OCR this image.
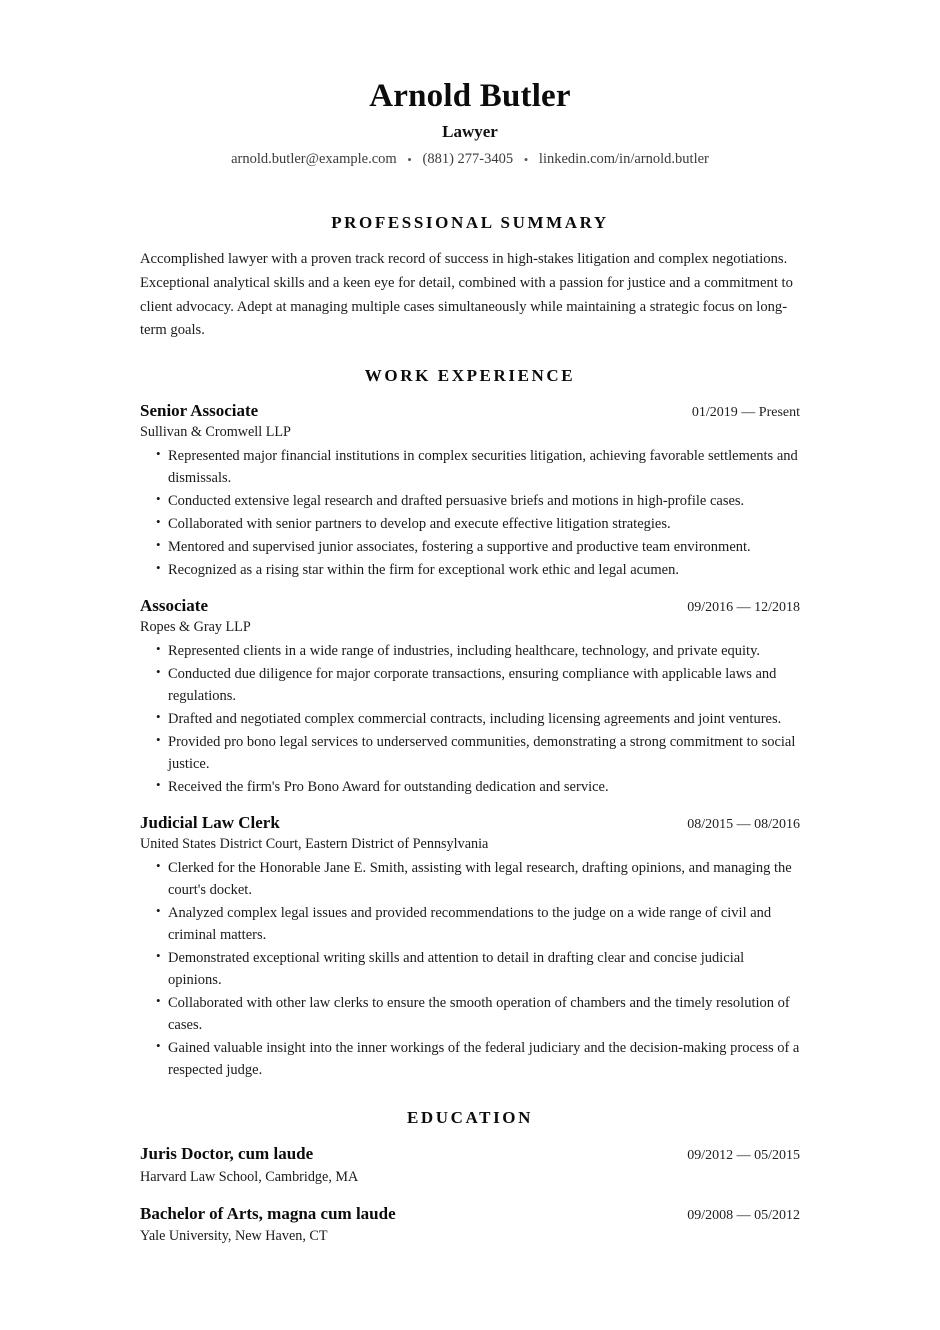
Arnold Butler
Lawyer
arnold.butler@example.com • (881) 277-3405 • linkedin.com/in/arnold.butler
PROFESSIONAL SUMMARY

Accomplished lawyer with a proven track record of success in high-stakes litigation and complex negotiations. Exceptional analytical skills and a keen eye for detail, combined with a passion for justice and a commitment to client advocacy. Adept at managing multiple cases simultaneously while maintaining a strategic focus on long-term goals.

WORK EXPERIENCE
Senior Associate	01/2019 — Present
Sullivan & Cromwell LLP
• Represented major financial institutions in complex securities litigation, achieving favorable settlements and dismissals.
• Conducted extensive legal research and drafted persuasive briefs and motions in high-profile cases.
• Collaborated with senior partners to develop and execute effective litigation strategies.
• Mentored and supervised junior associates, fostering a supportive and productive team environment.
• Recognized as a rising star within the firm for exceptional work ethic and legal acumen.
Associate	09/2016 — 12/2018
Ropes & Gray LLP
• Represented clients in a wide range of industries, including healthcare, technology, and private equity.
• Conducted due diligence for major corporate transactions, ensuring compliance with applicable laws and regulations.
• Drafted and negotiated complex commercial contracts, including licensing agreements and joint ventures.
• Provided pro bono legal services to underserved communities, demonstrating a strong commitment to social justice.
• Received the firm's Pro Bono Award for outstanding dedication and service.
Judicial Law Clerk	08/2015 — 08/2016
United States District Court, Eastern District of Pennsylvania
• Clerked for the Honorable Jane E. Smith, assisting with legal research, drafting opinions, and managing the court's docket.
• Analyzed complex legal issues and provided recommendations to the judge on a wide range of civil and criminal matters.
• Demonstrated exceptional writing skills and attention to detail in drafting clear and concise judicial opinions.
• Collaborated with other law clerks to ensure the smooth operation of chambers and the timely resolution of cases.
• Gained valuable insight into the inner workings of the federal judiciary and the decision-making process of a respected judge.
EDUCATION
Juris Doctor, cum laude	09/2012 — 05/2015
Harvard Law School, Cambridge, MA
Bachelor of Arts, magna cum laude	09/2008 — 05/2012
Yale University, New Haven, CT
